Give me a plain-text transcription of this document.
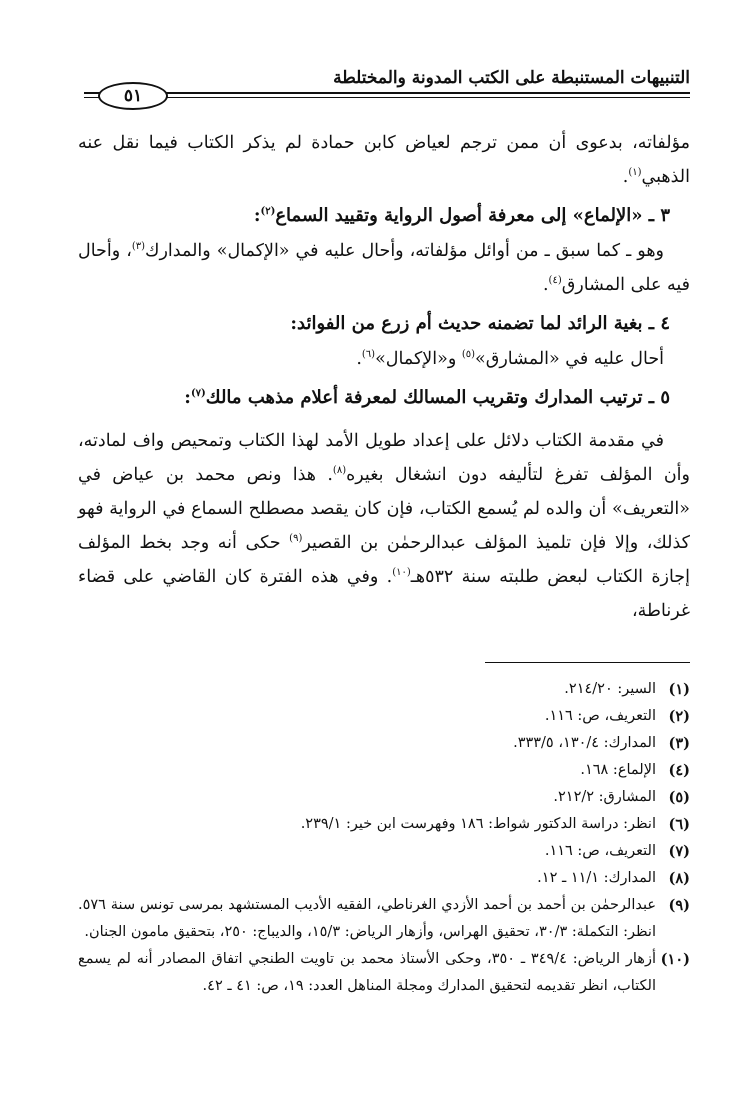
التنبيهات المستنبطة على الكتب المدونة والمختلطة
٥١

مؤلفاته، بدعوى أن ممن ترجم لعياض كابن حمادة لم يذكر الكتاب فيما نقل عنه الذهبي$^{(١)}$.

٣ ـ «الإلماع» إلى معرفة أصول الرواية وتقييد السماع$^{(٢)}$:

وهو ـ كما سبق ـ من أوائل مؤلفاته، وأحال عليه في «الإكمال» والمدارك$^{(٣)}$، وأحال فيه على المشارق$^{(٤)}$.

٤ ـ بغية الرائد لما تضمنه حديث أم زرع من الفوائد:

أحال عليه في «المشارق»$^{(٥)}$ و«الإكمال»$^{(٦)}$.

٥ ـ ترتيب المدارك وتقريب المسالك لمعرفة أعلام مذهب مالك$^{(٧)}$:

في مقدمة الكتاب دلائل على إعداد طويل الأمد لهذا الكتاب وتمحيص واف لمادته، وأن المؤلف تفرغ لتأليفه دون انشغال بغيره$^{(٨)}$. هذا ونص محمد بن عياض في «التعريف» أن والده لم يُسمع الكتاب، فإن كان يقصد مصطلح السماع في الرواية فهو كذلك، وإلا فإن تلميذ المؤلف عبدالرحمٰن بن القصير$^{(٩)}$ حكى أنه وجد بخط المؤلف إجازة الكتاب لبعض طلبته سنة ٥٣٢هـ$^{(١٠)}$. وفي هذه الفترة كان القاضي على قضاء غرناطة،

(١)
السير: ٢١٤/٢٠.
(٢)
التعريف، ص: ١١٦.
(٣)
المدارك: ١٣٠/٤، ٣٣٣/٥.
(٤)
الإلماع: ١٦٨.
(٥)
المشارق: ٢١٢/٢.
(٦)
انظر: دراسة الدكتور شواط: ١٨٦ وفهرست ابن خير: ٢٣٩/١.
(٧)
التعريف، ص: ١١٦.
(٨)
المدارك: ١١/١ ـ ١٢.
(٩)
عبدالرحمٰن بن أحمد بن أحمد الأزدي الغرناطي، الفقيه الأديب المستشهد بمرسى تونس سنة ٥٧٦. انظر: التكملة: ٣٠/٣، تحقيق الهراس، وأزهار الرياض: ١٥/٣، والديباج: ٢٥٠، بتحقيق مامون الجنان.
(١٠)
أزهار الرياض: ٣٤٩/٤ ـ ٣٥٠، وحكى الأستاذ محمد بن تاويت الطنجي اتفاق المصادر أنه لم يسمع الكتاب، انظر تقديمه لتحقيق المدارك ومجلة المناهل العدد: ١٩، ص: ٤١ ـ ٤٢.
